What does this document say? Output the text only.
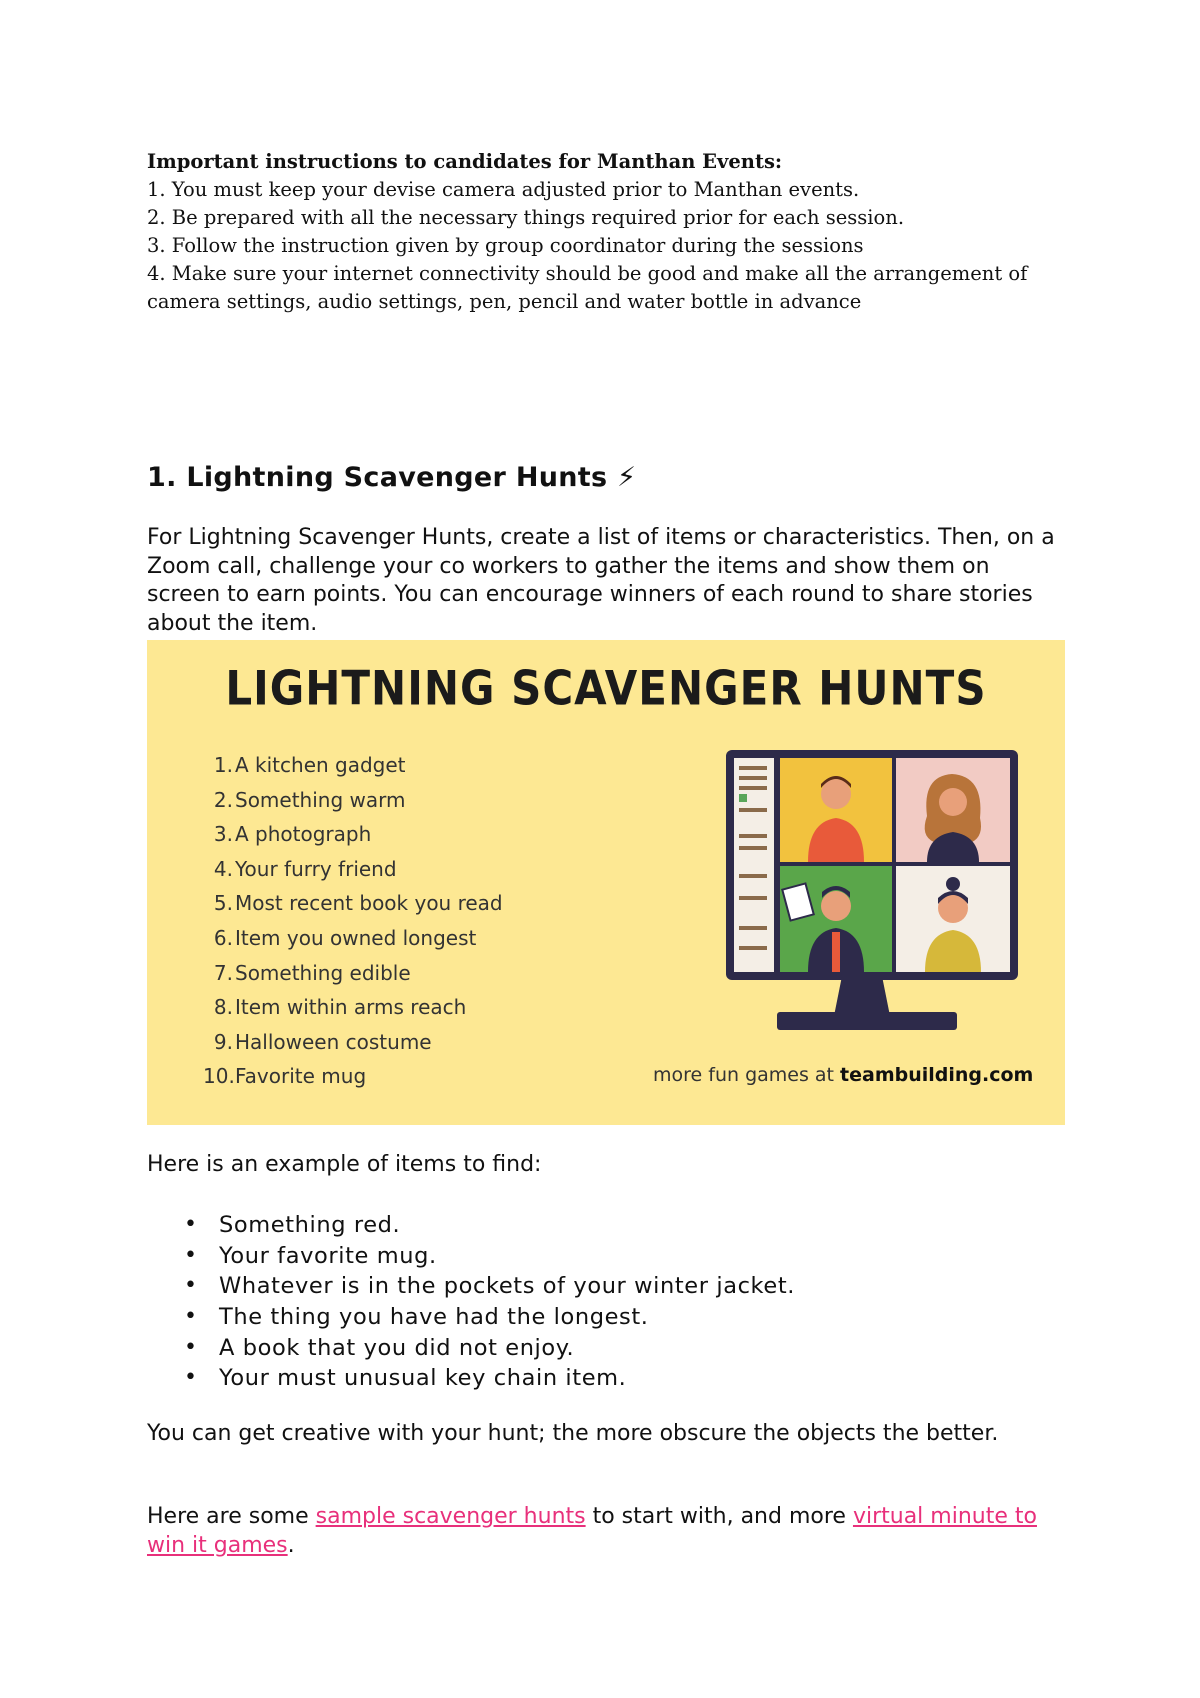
Important instructions to candidates for Manthan Events:

1. You must keep your devise camera adjusted prior to Manthan events.

2. Be prepared with all the necessary things required prior for each session.

3. Follow the instruction given by group coordinator during the sessions

4. Make sure your internet connectivity should be good and make all the arrangement of camera settings, audio settings, pen, pencil and water bottle in advance

1. Lightning Scavenger Hunts ⚡

For Lightning Scavenger Hunts, create a list of items or characteristics. Then, on a Zoom call, challenge your co workers to gather the items and show them on screen to earn points. You can encourage winners of each round to share stories about the item.

LIGHTNING SCAVENGER HUNTS
1. A kitchen gadget
2. Something warm
3. A photograph
4. Your furry friend
5. Most recent book you read
6. Item you owned longest
7. Something edible
8. Item within arms reach
9. Halloween costume
10.Favorite mug	more fun games at teambuilding.com

Here is an example of items to find:

• Something red.
• Your favorite mug.
• Whatever is in the pockets of your winter jacket.
• The thing you have had the longest.
• A book that you did not enjoy.
• Your must unusual key chain item.

You can get creative with your hunt; the more obscure the objects the better.

Here are some sample scavenger hunts to start with, and more virtual minute to win it games.
